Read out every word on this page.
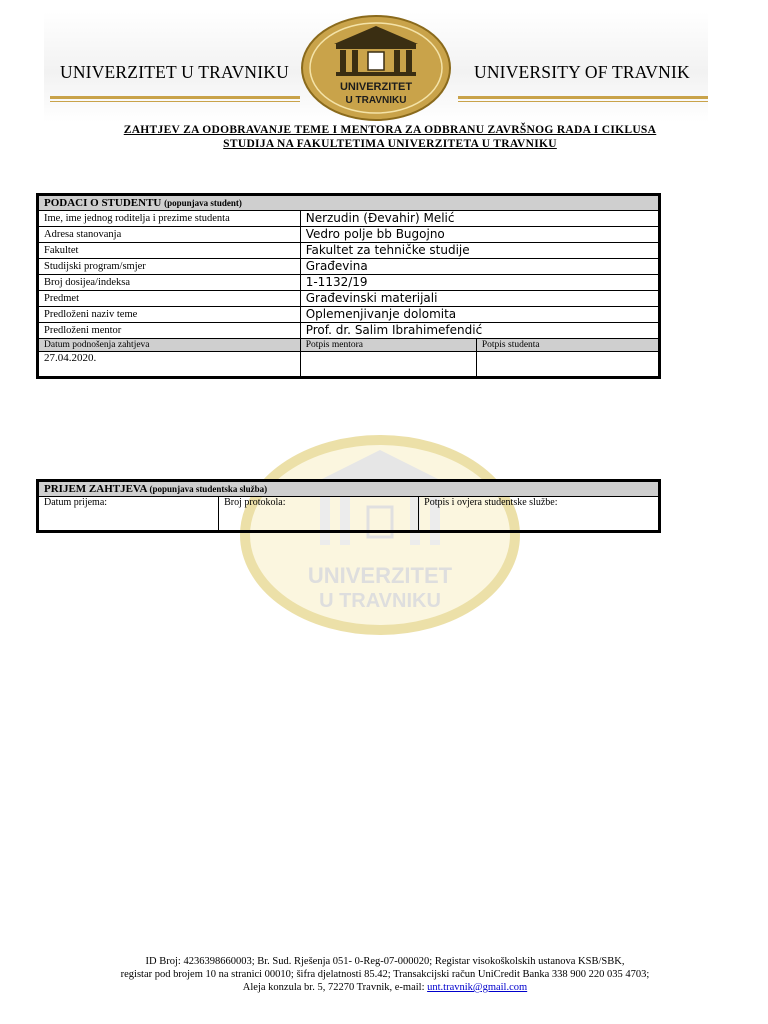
UNIVERZITET U TRAVNIKU	UNIVERSITY OF TRAVNIK
UNIVERZITET
U TRAVNIKU
ZAHTJEV ZA ODOBRAVANJE TEME I MENTORA ZA ODBRANU ZAVRŠNOG RADA I CIKLUSA
STUDIJA NA FAKULTETIMA UNIVERZITETA U TRAVNIKU
UNIVERZITET
U TRAVNIKU
PODACI O STUDENTU (popunjava student)		
Ime, ime jednog roditelja i prezime studenta	Nerzudin (Đevahir) Melić	
Adresa stanovanja	Vedro polje bb Bugojno	
Fakultet	Fakultet za tehničke studije	
Studijski program/smjer	Građevina	
Broj dosijea/indeksa	1-1132/19	
Predmet	Građevinski materijali	
Predloženi naziv teme	Oplemenjivanje dolomita	
Predloženi mentor	Prof. dr. Salim Ibrahimefendić	
Datum podnošenja zahtjeva	Potpis mentora	Potpis studenta
27.04.2020.		
PRIJEM ZAHTJEVA (popunjava studentska služba)
Datum prijema:	Broj protokola:	Potpis i ovjera studentske službe:
ID Broj: 4236398660003; Br. Sud. Rješenja 051- 0-Reg-07-000020; Registar visokoškolskih ustanova KSB/SBK,
registar pod brojem 10 na stranici 00010; šifra djelatnosti 85.42; Transakcijski račun UniCredit Banka 338 900 220 035 4703;
Aleja konzula br. 5, 72270 Travnik, e-mail: unt.travnik@gmail.com
